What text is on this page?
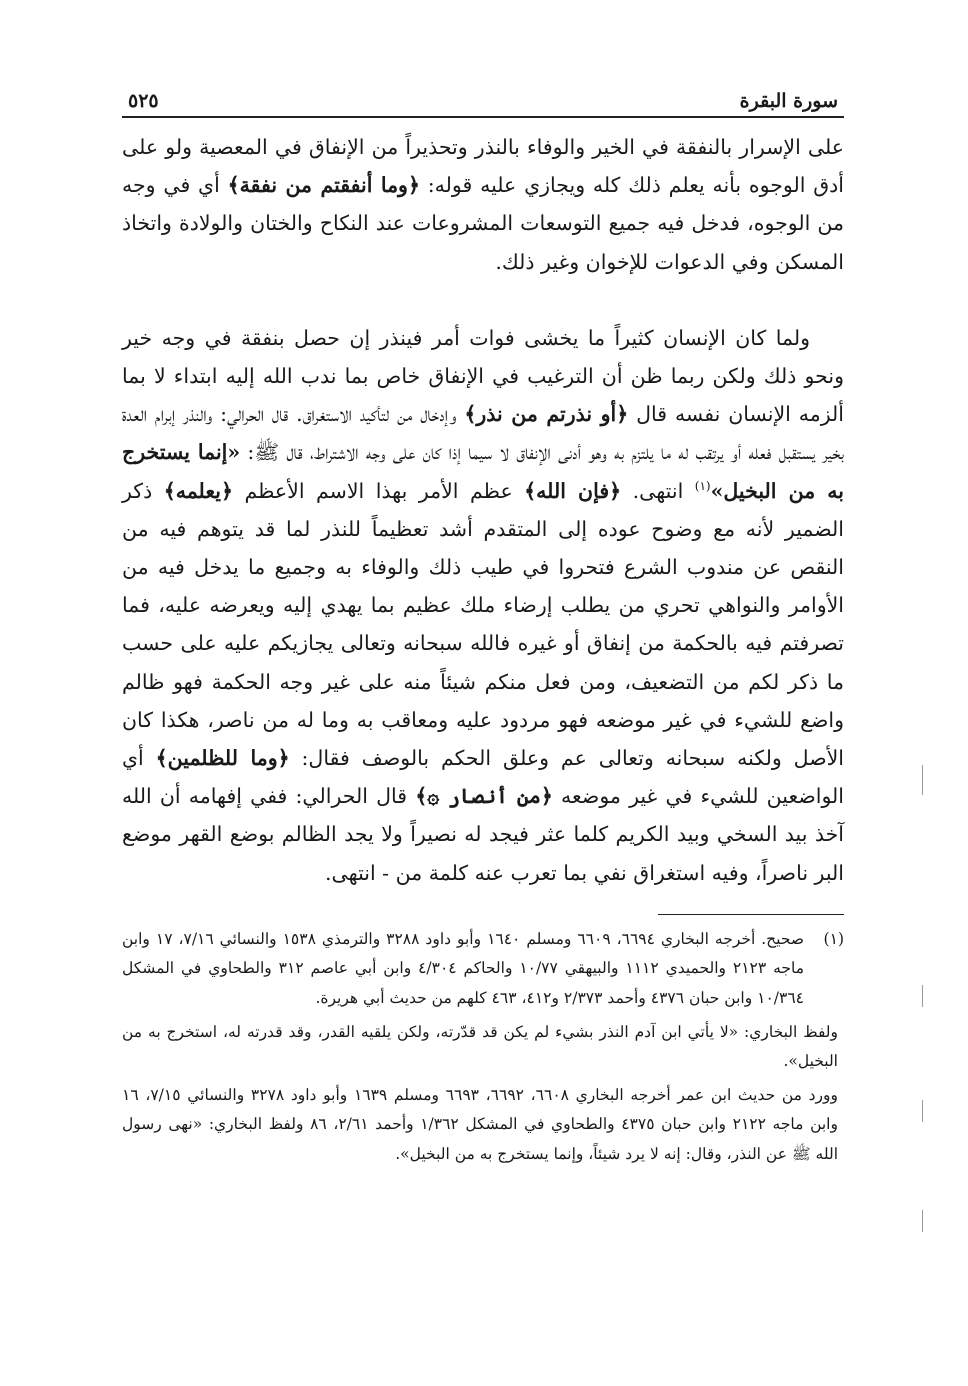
سورة البقرة
٥٢٥

على الإسرار بالنفقة في الخير والوفاء بالنذر وتحذيراً من الإنفاق في المعصية ولو على أدق الوجوه بأنه يعلم ذلك كله ويجازي عليه قوله: ﴿وما أنفقتم من نفقة﴾ أي في وجه من الوجوه، فدخل فيه جميع التوسعات المشروعات عند النكاح والختان والولادة واتخاذ المسكن وفي الدعوات للإخوان وغير ذلك.

ولما كان الإنسان كثيراً ما يخشى فوات أمر فينذر إن حصل بنفقة في وجه خير ونحو ذلك ولكن ربما ظن أن الترغيب في الإنفاق خاص بما ندب الله إليه ابتداء لا بما ألزمه الإنسان نفسه قال ﴿أو نذرتم من نذر﴾ وإدخال من لتأكيد الاستغراق. قال الحرالي: والنذر إبرام العدة بخير يستقبل فعله أو يرتقب له ما يلتزم به وهو أدنى الإنفاق لا سيما إذا كان على وجه الاشتراط، قال ﷺ: «إنما يستخرج به من البخيل»$^{(١)}$ انتهى. ﴿فإن الله﴾ عظم الأمر بهذا الاسم الأعظم ﴿يعلمه﴾ ذكر الضمير لأنه مع وضوح عوده إلى المتقدم أشد تعظيماً للنذر لما قد يتوهم فيه من النقص عن مندوب الشرع فتحروا في طيب ذلك والوفاء به وجميع ما يدخل فيه من الأوامر والنواهي تحري من يطلب إرضاء ملك عظيم بما يهدي إليه ويعرضه عليه، فما تصرفتم فيه بالحكمة من إنفاق أو غيره فالله سبحانه وتعالى يجازيكم عليه على حسب ما ذكر لكم من التضعيف، ومن فعل منكم شيئاً منه على غير وجه الحكمة فهو ظالم واضع للشيء في غير موضعه فهو مردود عليه ومعاقب به وما له من ناصر، هكذا كان الأصل ولكنه سبحانه وتعالى عم وعلق الحكم بالوصف فقال: ﴿وما للظلمين﴾ أي الواضعين للشيء في غير موضعه ﴿من أنصار ۞﴾ قال الحرالي: ففي إفهامه أن الله آخذ بيد السخي وبيد الكريم كلما عثر فيجد له نصيراً ولا يجد الظالم بوضع القهر موضع البر ناصراً، وفيه استغراق نفي بما تعرب عنه كلمة من - انتهى.

(١)
صحيح. أخرجه البخاري ٦٦٩٤، ٦٦٠٩ ومسلم ١٦٤٠ وأبو داود ٣٢٨٨ والترمذي ١٥٣٨ والنسائي ٧/١٦، ١٧ وابن ماجه ٢١٢٣ والحميدي ١١١٢ والبيهقي ١٠/٧٧ والحاكم ٤/٣٠٤ وابن أبي عاصم ٣١٢ والطحاوي في المشكل ١٠/٣٦٤ وابن حبان ٤٣٧٦ وأحمد ٢/٣٧٣ و٤١٢، ٤٦٣ كلهم من حديث أبي هريرة.

ولفظ البخاري: «لا يأتي ابن آدم النذر بشيء لم يكن قد قدّرته، ولكن يلقيه القدر، وقد قدرته له، استخرج به من البخيل».

وورد من حديث ابن عمر أخرجه البخاري ٦٦٠٨، ٦٦٩٢، ٦٦٩٣ ومسلم ١٦٣٩ وأبو داود ٣٢٧٨ والنسائي ٧/١٥، ١٦ وابن ماجه ٢١٢٢ وابن حبان ٤٣٧٥ والطحاوي في المشكل ١/٣٦٢ وأحمد ٢/٦١، ٨٦ ولفظ البخاري: «نهى رسول الله ﷺ عن النذر، وقال: إنه لا يرد شيئاً، وإنما يستخرج به من البخيل».
